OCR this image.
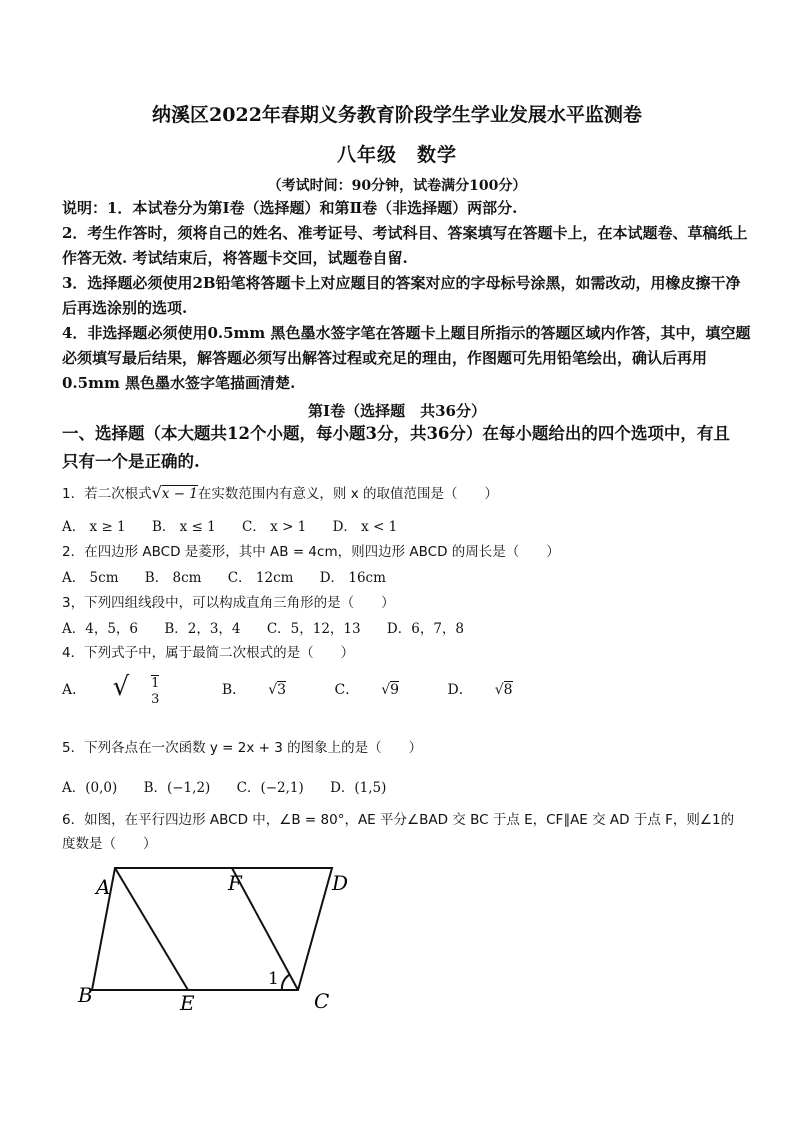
纳溪区2022年春期义务教育阶段学生学业发展水平监测卷
八年级　数学
（考试时间：90分钟，试卷满分100分）
说明：1．本试卷分为第Ⅰ卷（选择题）和第Ⅱ卷（非选择题）两部分.
2．考生作答时，须将自己的姓名、准考证号、考试科目、答案填写在答题卡上，在本试题卷、草稿纸上作答无效. 考试结束后，将答题卡交回，试题卷自留.
3．选择题必须使用2B铅笔将答题卡上对应题目的答案对应的字母标号涂黑，如需改动，用橡皮擦干净后再选涂别的选项.
4．非选择题必须使用0.5mm 黑色墨水签字笔在答题卡上题目所指示的答题区域内作答，其中，填空题必须填写最后结果，解答题必须写出解答过程或充足的理由，作图题可先用铅笔绘出，确认后再用0.5mm 黑色墨水签字笔描画清楚.
第Ⅰ卷（选择题　共36分）
一、选择题（本大题共12个小题，每小题3分，共36分）在每小题给出的四个选项中，有且只有一个是正确的.
1．若二次根式√x − 1在实数范围内有意义，则 x 的取值范围是（　　）
A． x ≥ 1 B． x ≤ 1 C． x > 1 D． x < 1
2．在四边形 ABCD 是菱形，其中 AB = 4cm，则四边形 ABCD 的周长是（　　）
A． 5cm B． 8cm C． 12cm D． 16cm
3，下列四组线段中，可以构成直角三角形的是（　　）
A．4，5，6 B．2，3，4 C．5，12，13 D．6，7，8
4．下列式子中，属于最简二次根式的是（　　）
A． √ 1
3 B． √3	C． √9	D． √8
5．下列各点在一次函数 y = 2x + 3 的图象上的是（　　）
A．(0,0) B．(−1,2) C．(−2,1) D．(1,5)
6．如图，在平行四边形 ABCD 中，∠B = 80°，AE 平分∠BAD 交 BC 于点 E，CF∥AE 交 AD 于点 F，则∠1的度数是（　　）
A	F	D
B	E	C
1
